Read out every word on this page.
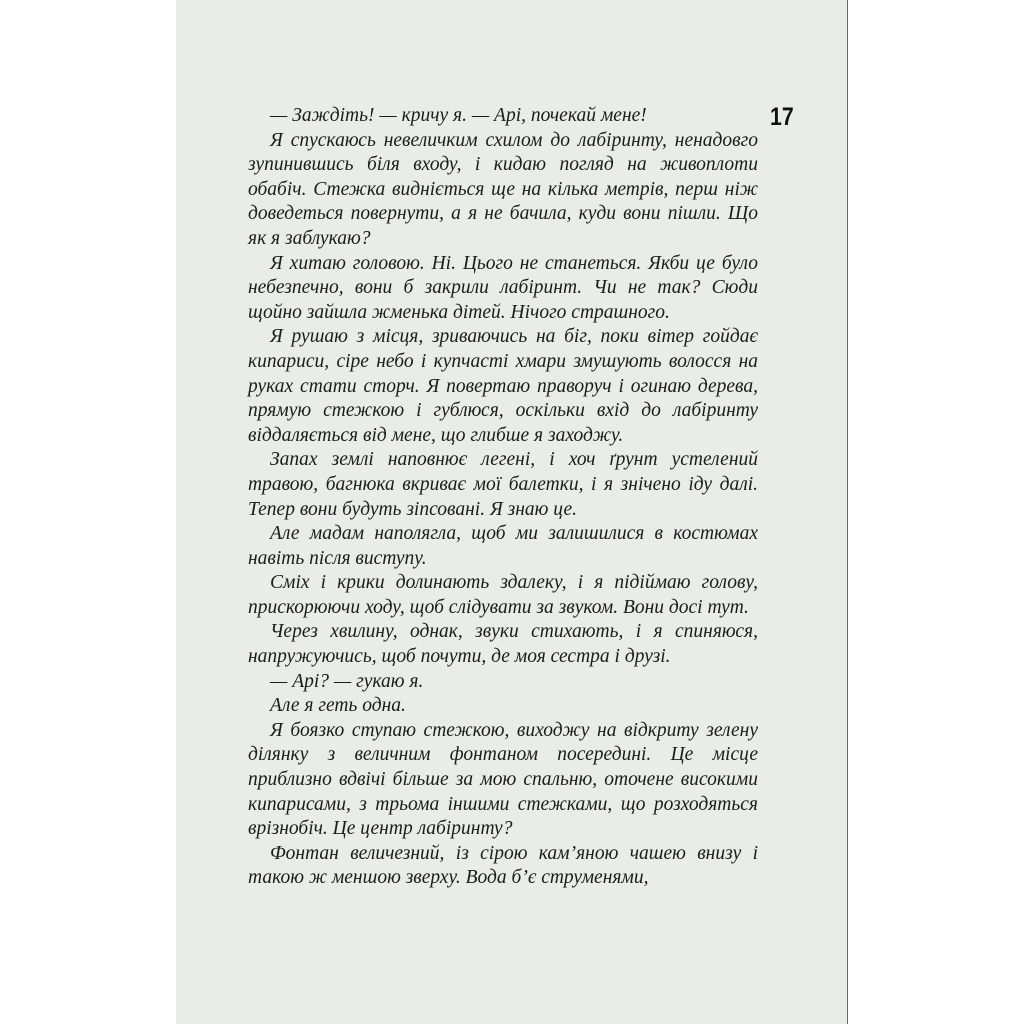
17

— Заждіть! — кричу я. — Арі, почекай мене!

Я спускаюсь невеличким схилом до лабіринту, ненадовго зупинившись біля входу, і кидаю погляд на живоплоти обабіч. Стежка видніється ще на кілька метрів, перш ніж доведеться повернути, а я не бачила, куди вони пішли. Що як я заблукаю?

Я хитаю головою. Ні. Цього не станеться. Якби це було небезпечно, вони б закрили лабіринт. Чи не так? Сюди щойно зайшла жменька дітей. Нічого страшного.

Я рушаю з місця, зриваючись на біг, поки вітер гойдає кипариси, сіре небо і купчасті хмари змушують волосся на руках стати сторч. Я повертаю праворуч і огинаю дерева, прямую стежкою і гублюся, оскільки вхід до лабіринту віддаляється від мене, що глибше я заходжу.

Запах землі наповнює легені, і хоч ґрунт устелений травою, багнюка вкриває мої балетки, і я знічено іду далі. Тепер вони будуть зіпсовані. Я знаю це.

Але мадам наполягла, щоб ми залишилися в костюмах навіть після виступу.

Сміх і крики долинають здалеку, і я підіймаю голову, прискорюючи ходу, щоб слідувати за звуком. Вони досі тут.

Через хвилину, однак, звуки стихають, і я спиняюся, напружуючись, щоб почути, де моя сестра і друзі.

— Арі? — гукаю я.

Але я геть одна.

Я боязко ступаю стежкою, виходжу на відкриту зелену ділянку з величним фонтаном посередині. Це місце приблизно вдвічі більше за мою спальню, оточене високими кипарисами, з трьома іншими стежками, що розходяться врізнобіч. Це центр лабіринту?

Фонтан величезний, із сірою кам’яною чашею внизу і такою ж меншою зверху. Вода б’є струменями,
